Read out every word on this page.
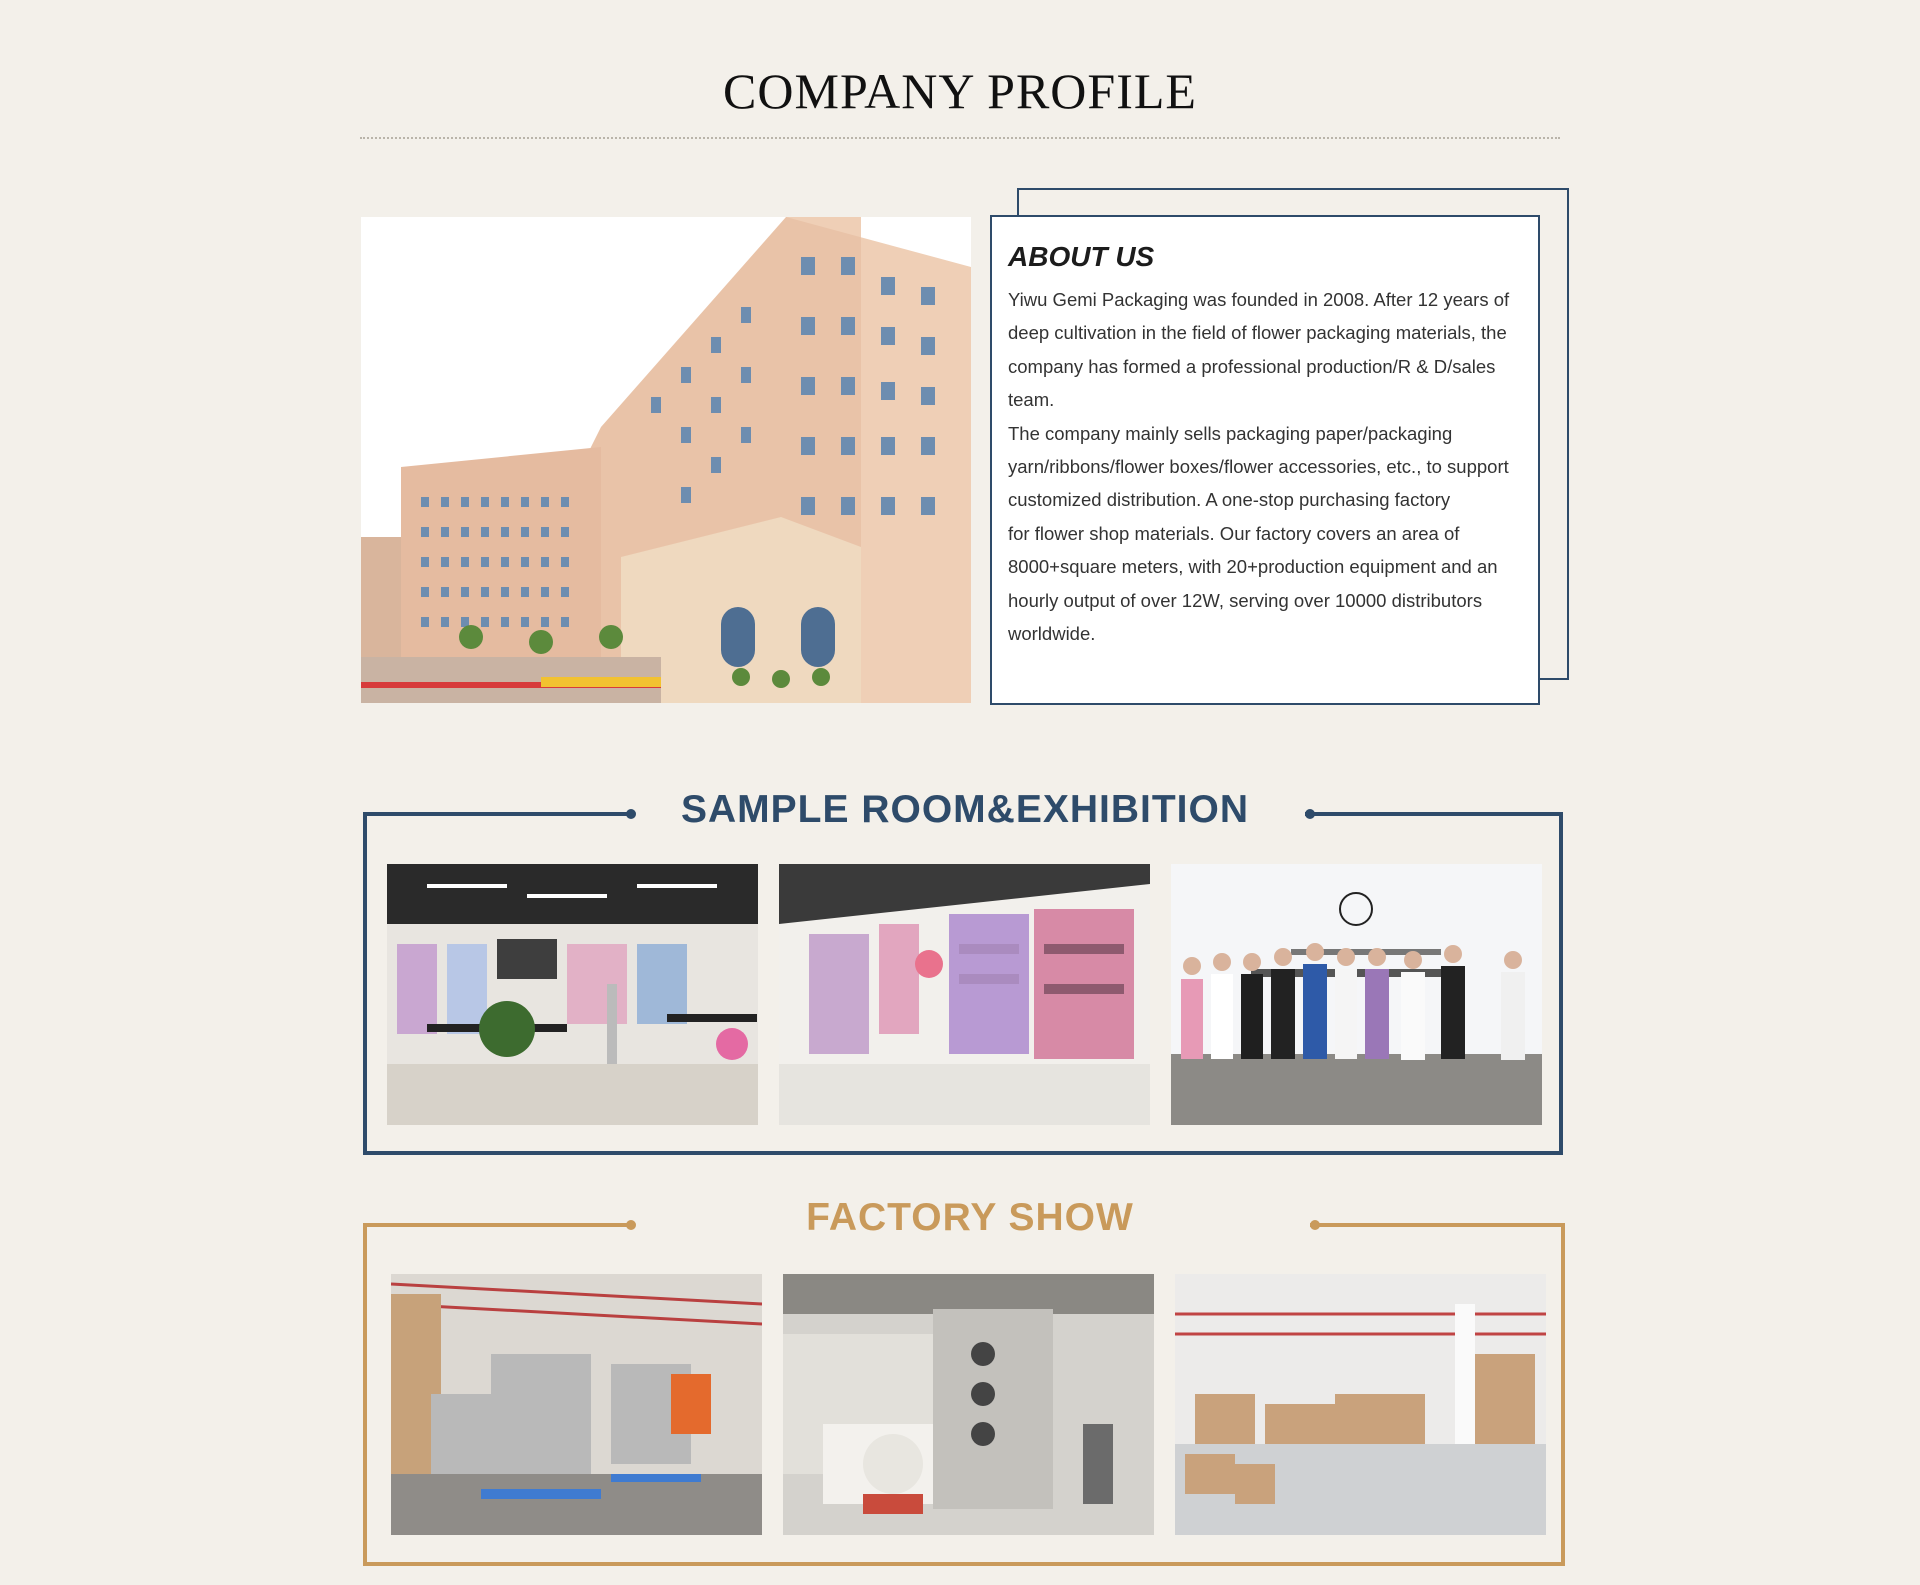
COMPANY PROFILE
ABOUT US

Yiwu Gemi Packaging was founded in 2008. After 12 years of
deep cultivation in the field of flower packaging materials, the
company has formed a professional production/R & D/sales
team.
The company mainly sells packaging paper/packaging
yarn/ribbons/flower boxes/flower accessories, etc., to support
customized distribution. A one-stop purchasing factory
for flower shop materials. Our factory covers an area of
8000+square meters, with 20+production equipment and an
hourly output of over 12W, serving over 10000 distributors
worldwide.

SAMPLE ROOM&EXHIBITION
FACTORY SHOW
